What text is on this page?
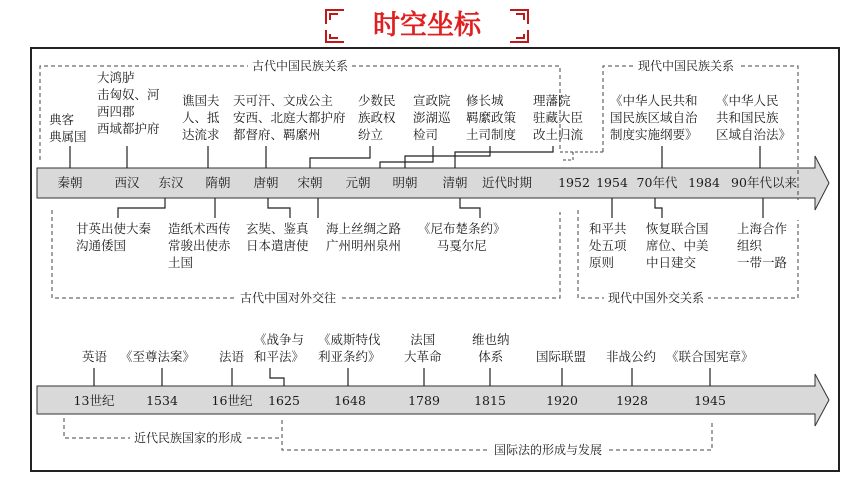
时空坐标
古代中国民族关系	现代中国民族关系
古代中国对外交往	现代中国外交关系
近代民族国家的形成
国际法的形成与发展
秦朝	西汉 东汉 隋朝 唐朝 宋朝 元朝 明朝 清朝 近代时期 1952 1954 70年代 1984 90年代以来
典客
典属国
大鸿胪
击匈奴、河
西四郡
西域都护府
谯国夫
人、抵
达流求
天可汗、文成公主
安西、北庭大都护府
都督府、羁縻州
少数民
族政权
纷立
宣政院
澎湖巡
检司
修长城
羁縻政策
土司制度
理藩院
驻藏大臣
改土归流
《中华人民共和
国民族区域自治
制度实施纲要》
《中华人民
共和国民族
区域自治法》
甘英出使大秦
沟通倭国
造纸术西传
常骏出使赤
土国
玄奘、鉴真
日本遣唐使
海上丝绸之路
广州明州泉州
《尼布楚条约》
马戛尔尼
和平共
处五项
原则
恢复联合国
席位、中美
中日建交
上海合作
组织
一带一路
13世纪	1534	16世纪 1625	1648	1789	1815	1920	1928	1945
英语 《至尊法案》 法语
《战争与
和平法》
《威斯特伐
利亚条约》
法国
大革命
维也纳
体系	国际联盟 非战公约 《联合国宪章》
